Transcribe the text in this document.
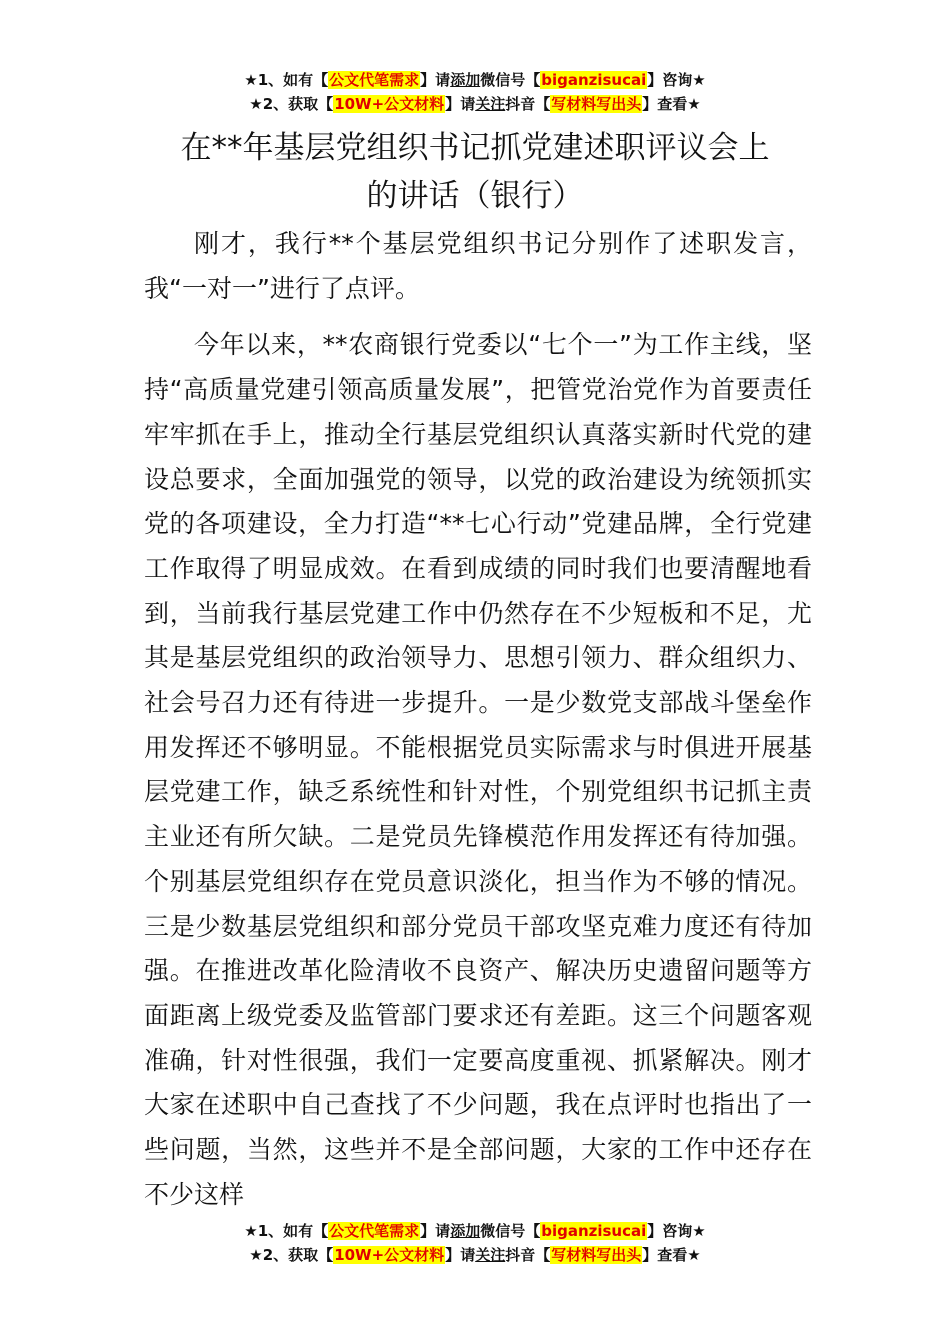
★1、如有【公文代笔需求】请添加微信号【biganzisucai】咨询★
★2、获取【10W+公文材料】请关注抖音【写材料写出头】查看★
在**年基层党组织书记抓党建述职评议会上
的讲话（银行）

刚才，我行**个基层党组织书记分别作了述职发言，我“一对一”进行了点评。

今年以来，**农商银行党委以“七个一”为工作主线，坚持“高质量党建引领高质量发展”，把管党治党作为首要责任牢牢抓在手上，推动全行基层党组织认真落实新时代党的建设总要求，全面加强党的领导，以党的政治建设为统领抓实党的各项建设，全力打造“**七心行动”党建品牌，全行党建工作取得了明显成效。在看到成绩的同时我们也要清醒地看到，当前我行基层党建工作中仍然存在不少短板和不足，尤其是基层党组织的政治领导力、思想引领力、群众组织力、社会号召力还有待进一步提升。一是少数党支部战斗堡垒作用发挥还不够明显。不能根据党员实际需求与时俱进开展基层党建工作，缺乏系统性和针对性，个别党组织书记抓主责主业还有所欠缺。二是党员先锋模范作用发挥还有待加强。个别基层党组织存在党员意识淡化，担当作为不够的情况。三是少数基层党组织和部分党员干部攻坚克难力度还有待加强。在推进改革化险清收不良资产、解决历史遗留问题等方面距离上级党委及监管部门要求还有差距。这三个问题客观准确，针对性很强，我们一定要高度重视、抓紧解决。刚才大家在述职中自己查找了不少问题，我在点评时也指出了一些问题，当然，这些并不是全部问题，大家的工作中还存在不少这样

★1、如有【公文代笔需求】请添加微信号【biganzisucai】咨询★
★2、获取【10W+公文材料】请关注抖音【写材料写出头】查看★
